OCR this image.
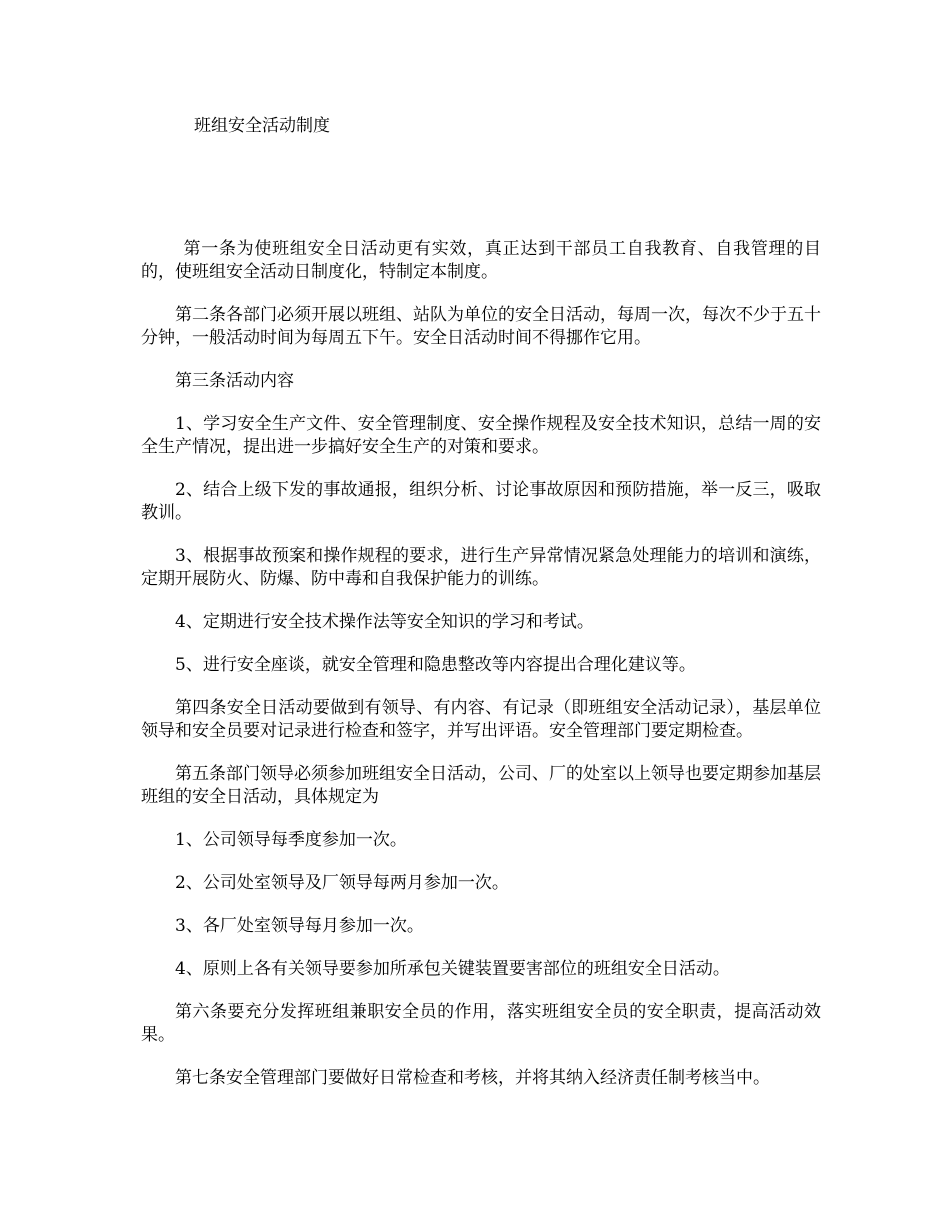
班组安全活动制度

第一条为使班组安全日活动更有实效，真正达到干部员工自我教育、自我管理的目的，使班组安全活动日制度化，特制定本制度。

第二条各部门必须开展以班组、站队为单位的安全日活动，每周一次，每次不少于五十分钟，一般活动时间为每周五下午。安全日活动时间不得挪作它用。

第三条活动内容

1、学习安全生产文件、安全管理制度、安全操作规程及安全技术知识，总结一周的安全生产情况，提出进一步搞好安全生产的对策和要求。

2、结合上级下发的事故通报，组织分析、讨论事故原因和预防措施，举一反三，吸取教训。

3、根据事故预案和操作规程的要求，进行生产异常情况紧急处理能力的培训和演练，定期开展防火、防爆、防中毒和自我保护能力的训练。

4、定期进行安全技术操作法等安全知识的学习和考试。

5、进行安全座谈，就安全管理和隐患整改等内容提出合理化建议等。

第四条安全日活动要做到有领导、有内容、有记录（即班组安全活动记录），基层单位领导和安全员要对记录进行检查和签字，并写出评语。安全管理部门要定期检查。

第五条部门领导必须参加班组安全日活动，公司、厂的处室以上领导也要定期参加基层班组的安全日活动，具体规定为

1、公司领导每季度参加一次。

2、公司处室领导及厂领导每两月参加一次。

3、各厂处室领导每月参加一次。

4、原则上各有关领导要参加所承包关键装置要害部位的班组安全日活动。

第六条要充分发挥班组兼职安全员的作用，落实班组安全员的安全职责，提高活动效果。

第七条安全管理部门要做好日常检查和考核，并将其纳入经济责任制考核当中。
